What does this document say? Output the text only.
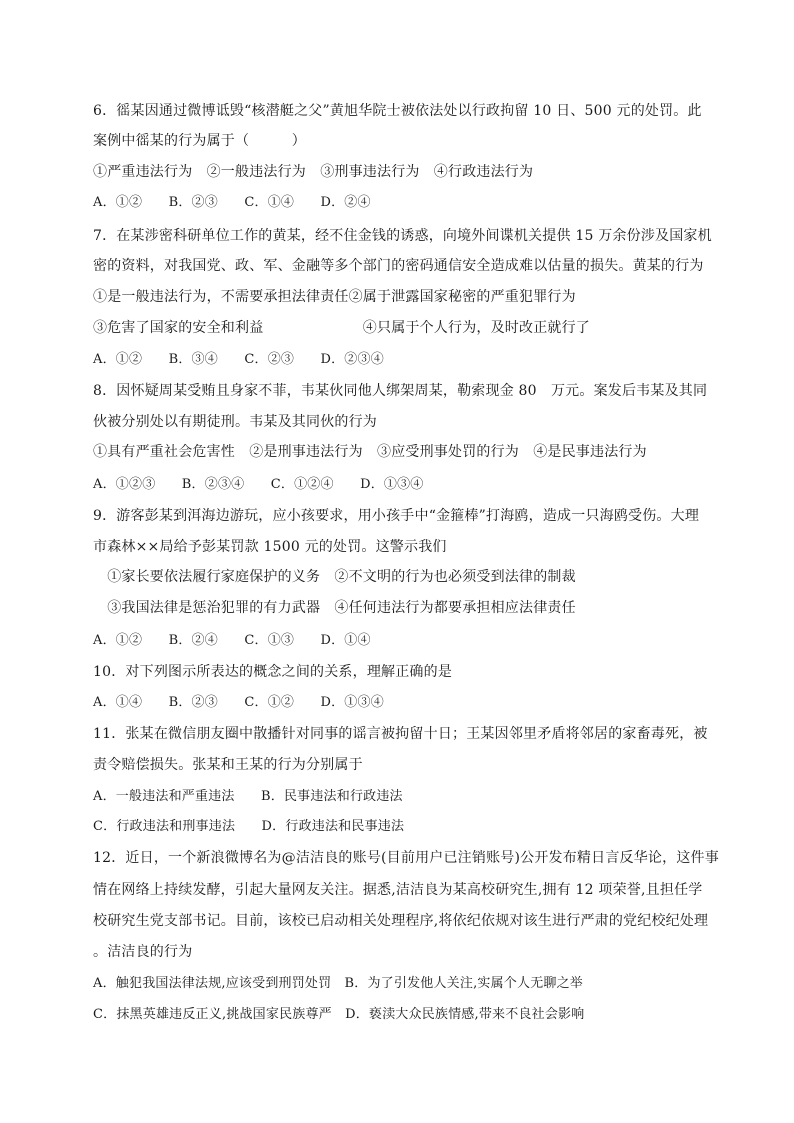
6．徭某因通过微博诋毁“核潜艇之父”黄旭华院士被依法处以行政拘留 10 日、500 元的处罚。此
案例中徭某的行为属于（　　　）
①严重违法行为　②一般违法行为　③刑事违法行为　④行政违法行为
A．①②　　B．②③　　C．①④　　D．②④
7．在某涉密科研单位工作的黄某，经不住金钱的诱惑，向境外间谍机关提供 15 万余份涉及国家机
密的资料，对我国党、政、军、金融等多个部门的密码通信安全造成难以估量的损失。黄某的行为
①是一般违法行为，不需要承担法律责任②属于泄露国家秘密的严重犯罪行为
③危害了国家的安全和利益　　　　　　　④只属于个人行为，及时改正就行了
A．①②　　B．③④　　C．②③　　D．②③④
8．因怀疑周某受贿且身家不菲，韦某伙同他人绑架周某，勒索现金 80　万元。案发后韦某及其同
伙被分别处以有期徒刑。韦某及其同伙的行为
①具有严重社会危害性　②是刑事违法行为　③应受刑事处罚的行为　④是民事违法行为
A．①②③　　B．②③④　　C．①②④　　D．①③④
9．游客彭某到洱海边游玩，应小孩要求，用小孩手中“金箍棒”打海鸥，造成一只海鸥受伤。大理
市森林××局给予彭某罚款 1500 元的处罚。这警示我们
　①家长要依法履行家庭保护的义务　②不文明的行为也必须受到法律的制裁
　③我国法律是惩治犯罪的有力武器　④任何违法行为都要承担相应法律责任
A．①②　　B．②④　　C．①③　　D．①④
10．对下列图示所表达的概念之间的关系，理解正确的是
A．①④　　B．②③　　C．①②　　D．①③④
11．张某在微信朋友圈中散播针对同事的谣言被拘留十日；王某因邻里矛盾将邻居的家畜毒死，被
责令赔偿损失。张某和王某的行为分别属于
A．一般违法和严重违法　　B．民事违法和行政违法
C．行政违法和刑事违法　　D．行政违法和民事违法
12．近日，一个新浪微博名为@洁洁良的账号(目前用户已注销账号)公开发布精日言反华论，这件事
情在网络上持续发酵，引起大量网友关注。据悉,洁洁良为某高校研究生,拥有 12 项荣誉,且担任学
校研究生党支部书记。目前，该校已启动相关处理程序,将依纪依规对该生进行严肃的党纪校纪处理
。洁洁良的行为
A．触犯我国法律法规,应该受到刑罚处罚　B．为了引发他人关注,实属个人无聊之举
C．抹黑英雄违反正义,挑战国家民族尊严　D．亵渎大众民族情感,带来不良社会影响
